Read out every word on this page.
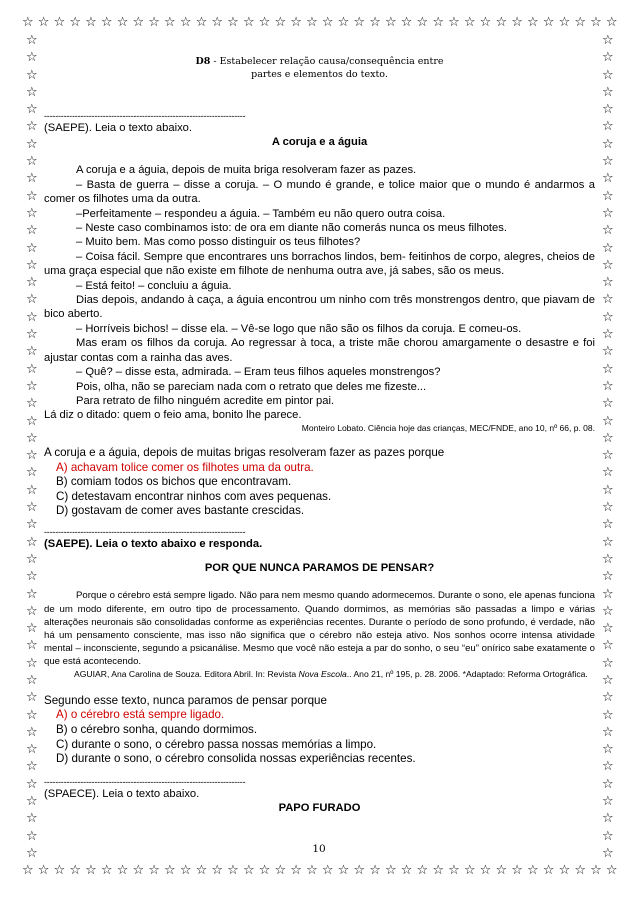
☆ ☆ ☆ ☆ ☆ ☆ ☆ ☆ ☆ ☆ ☆ ☆ ☆ ☆ ☆ ☆ ☆ ☆ ☆ ☆ ☆ ☆ ☆ ☆ ☆ ☆ ☆ ☆ ☆ ☆ ☆ ☆ ☆ ☆ ☆ ☆ ☆ ☆
☆ ☆ ☆ ☆ ☆ ☆ ☆ ☆ ☆ ☆ ☆ ☆ ☆ ☆ ☆ ☆ ☆ ☆ ☆ ☆ ☆ ☆ ☆ ☆ ☆ ☆ ☆ ☆ ☆ ☆ ☆ ☆ ☆ ☆ ☆ ☆ ☆ ☆
☆
☆
☆
☆
☆
☆
☆
☆
☆
☆
☆
☆
☆
☆
☆
☆
☆
☆
☆
☆
☆
☆
☆
☆
☆
☆
☆
☆
☆
☆
☆
☆
☆
☆
☆
☆
☆
☆
☆
☆
☆
☆
☆
☆
☆
☆
☆
☆
☆
☆
☆
☆
☆
☆
☆
☆
☆
☆
☆
☆
☆
☆
☆
☆
☆
☆
☆
☆
☆
☆
☆
☆
☆
☆
☆
☆
☆
☆
☆
☆
☆
☆
☆
☆
☆
☆
☆
☆
☆
☆
☆
☆
☆
☆
☆
☆
D8 - Estabelecer relação causa/consequência entre
partes e elementos do texto.
------------------------------------------------------------------------
(SAEPE). Leia o texto abaixo.
A coruja e a águia

A coruja e a águia, depois de muita briga resolveram fazer as pazes.

– Basta de guerra – disse a coruja. – O mundo é grande, e tolice maior que o mundo é andarmos a comer os filhotes uma da outra.

–Perfeitamente – respondeu a águia. – Também eu não quero outra coisa.

– Neste caso combinamos isto: de ora em diante não comerás nunca os meus filhotes.

– Muito bem. Mas como posso distinguir os teus filhotes?

– Coisa fácil. Sempre que encontrares uns borrachos lindos, bem- feitinhos de corpo, alegres, cheios de uma graça especial que não existe em filhote de nenhuma outra ave, já sabes, são os meus.

– Está feito! – concluiu a águia.

Dias depois, andando à caça, a águia encontrou um ninho com três monstrengos dentro, que piavam de bico aberto.

– Horríveis bichos! – disse ela. – Vê-se logo que não são os filhos da coruja. E comeu-os.

Mas eram os filhos da coruja. Ao regressar à toca, a triste mãe chorou amargamente o desastre e foi ajustar contas com a rainha das aves.

– Quê? – disse esta, admirada. – Eram teus filhos aqueles monstrengos?

Pois, olha, não se pareciam nada com o retrato que deles me fizeste...

Para retrato de filho ninguém acredite em pintor pai.

Lá diz o ditado: quem o feio ama, bonito lhe parece.

Monteiro Lobato. Ciência hoje das crianças, MEC/FNDE, ano 10, nº 66, p. 08.
A coruja e a águia, depois de muitas brigas resolveram fazer as pazes porque
A) achavam tolice comer os filhotes uma da outra.
B) comiam todos os bichos que encontravam.
C) detestavam encontrar ninhos com aves pequenas.
D) gostavam de comer aves bastante crescidas.
------------------------------------------------------------------------
(SAEPE). Leia o texto abaixo e responda.
POR QUE NUNCA PARAMOS DE PENSAR?

Porque o cérebro está sempre ligado. Não para nem mesmo quando adormecemos. Durante o sono, ele apenas funciona de um modo diferente, em outro tipo de processamento. Quando dormimos, as memórias são passadas a limpo e várias alterações neuronais são consolidadas conforme as experiências recentes. Durante o período de sono profundo, é verdade, não há um pensamento consciente, mas isso não significa que o cérebro não esteja ativo. Nos sonhos ocorre intensa atividade mental – inconsciente, segundo a psicanálise. Mesmo que você não esteja a par do sonho, o seu “eu” onírico sabe exatamente o que está acontecendo.

AGUIAR, Ana Carolina de Souza. Editora Abril. In: Revista Nova Escola.. Ano 21, nº 195, p. 28. 2006. *Adaptado: Reforma Ortográfica.
Segundo esse texto, nunca paramos de pensar porque
A) o cérebro está sempre ligado.
B) o cérebro sonha, quando dormimos.
C) durante o sono, o cérebro passa nossas memórias a limpo.
D) durante o sono, o cérebro consolida nossas experiências recentes.
------------------------------------------------------------------------
(SPAECE). Leia o texto abaixo.
PAPO FURADO
10
